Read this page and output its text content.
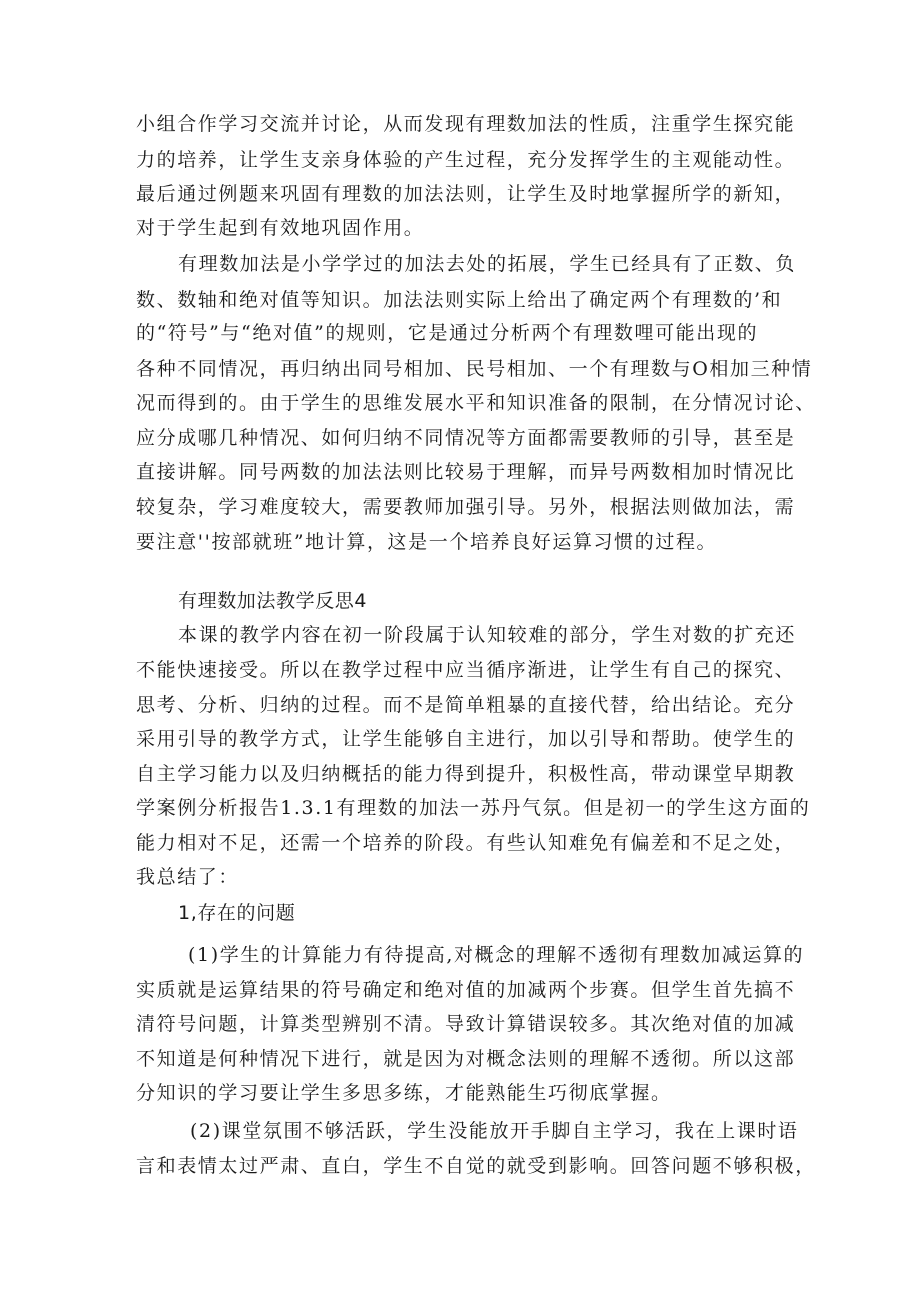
小组合作学习交流并讨论，从而发现有理数加法的性质，注重学生探究能
力的培养，让学生支亲身体验的产生过程，充分发挥学生的主观能动性。
最后通过例题来巩固有理数的加法法则，让学生及时地掌握所学的新知，
对于学生起到有效地巩固作用。
有理数加法是小学学过的加法去处的拓展，学生已经具有了正数、负
数、数轴和绝对值等知识。加法法则实际上给出了确定两个有理数的’和
的“符号”与“绝对值”的规则，它是通过分析两个有理数哩可能出现的
各种不同情况，再归纳出同号相加、民号相加、一个有理数与O相加三种情
况而得到的。由于学生的思维发展水平和知识准备的限制，在分情况讨论、
应分成哪几种情况、如何归纳不同情况等方面都需要教师的引导，甚至是
直接讲解。同号两数的加法法则比较易于理解，而异号两数相加时情况比
较复杂，学习难度较大，需要教师加强引导。另外，根据法则做加法，需
要注意''按部就班”地计算，这是一个培养良好运算习惯的过程。
有理数加法教学反思4
本课的教学内容在初一阶段属于认知较难的部分，学生对数的扩充还
不能快速接受。所以在教学过程中应当循序渐进，让学生有自己的探究、
思考、分析、归纳的过程。而不是简单粗暴的直接代替，给出结论。充分
采用引导的教学方式，让学生能够自主进行，加以引导和帮助。使学生的
自主学习能力以及归纳概括的能力得到提升，积极性高，带动课堂早期教
学案例分析报告1.3.1有理数的加法一苏丹气氛。但是初一的学生这方面的
能力相对不足，还需一个培养的阶段。有些认知难免有偏差和不足之处，
我总结了：
1,存在的问题
(1)学生的计算能力有待提高,对概念的理解不透彻有理数加减运算的
实质就是运算结果的符号确定和绝对值的加减两个步赛。但学生首先搞不
清符号问题，计算类型辨别不清。导致计算错误较多。其次绝对值的加减
不知道是何种情况下进行，就是因为对概念法则的理解不透彻。所以这部
分知识的学习要让学生多思多练，才能熟能生巧彻底掌握。
(2)课堂氛围不够活跃，学生没能放开手脚自主学习，我在上课时语
言和表情太过严肃、直白，学生不自觉的就受到影响。回答问题不够积极，
